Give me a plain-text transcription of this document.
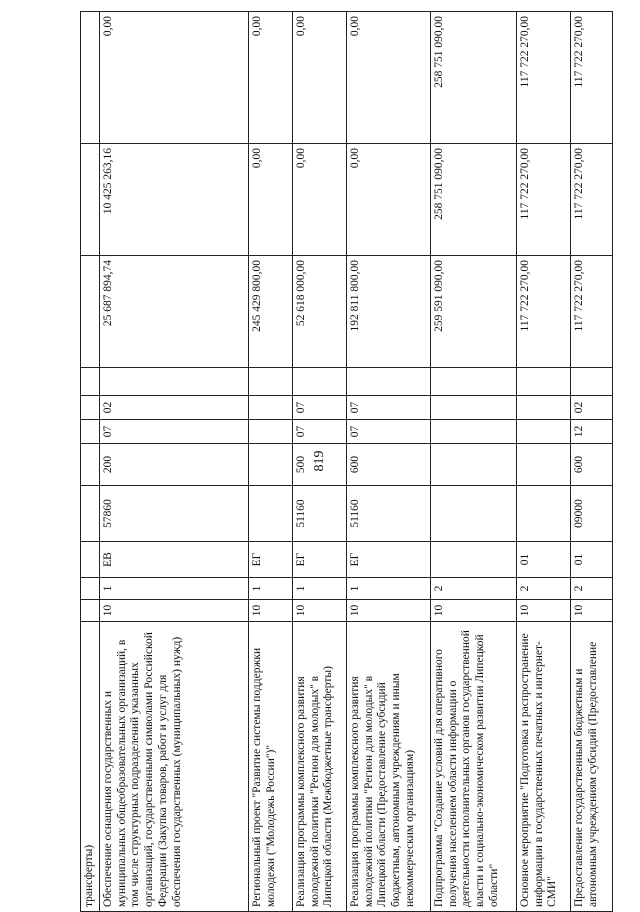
819
трансферты)											
Обеспечение оснащения государственных и муниципальных общеобразовательных организаций, в том числе структурных подразделений указанных организаций, государственными символами Российской Федерации (Закупка товаров, работ и услуг для обеспечения государственных (муниципальных) нужд)	10	1	ЕВ	57860	200	07	02		25 687 894,74	10 425 263,16	0,00
Региональный проект "Развитие системы поддержки молодежи ("Молодежь России")"	10	1	ЕГ						245 429 800,00	0,00	0,00
Реализация программы комплексного развития молодежной политики "Регион для молодых" в Липецкой области (Межбюджетные трансферты)	10	1	ЕГ	51160	500	07	07		52 618 000,00	0,00	0,00
Реализация программы комплексного развития молодежной политики "Регион для молодых" в Липецкой области (Предоставление субсидий бюджетным, автономным учреждениям и иным некоммерческим организациям)	10	1	ЕГ	51160	600	07	07		192 811 800,00	0,00	0,00
Подпрограмма "Создание условий для оперативного получения населением области информации о деятельности исполнительных органов государственной власти и социально-экономическом развитии Липецкой области"	10	2							259 591 090,00	258 751 090,00	258 751 090,00
Основное мероприятие "Подготовка и распространение информации в государственных печатных и интернет-СМИ"	10	2	01						117 722 270,00	117 722 270,00	117 722 270,00
Предоставление государственным бюджетным и автономным учреждениям субсидий (Предоставление	10	2	01	09000	600	12	02		117 722 270,00	117 722 270,00	117 722 270,00
